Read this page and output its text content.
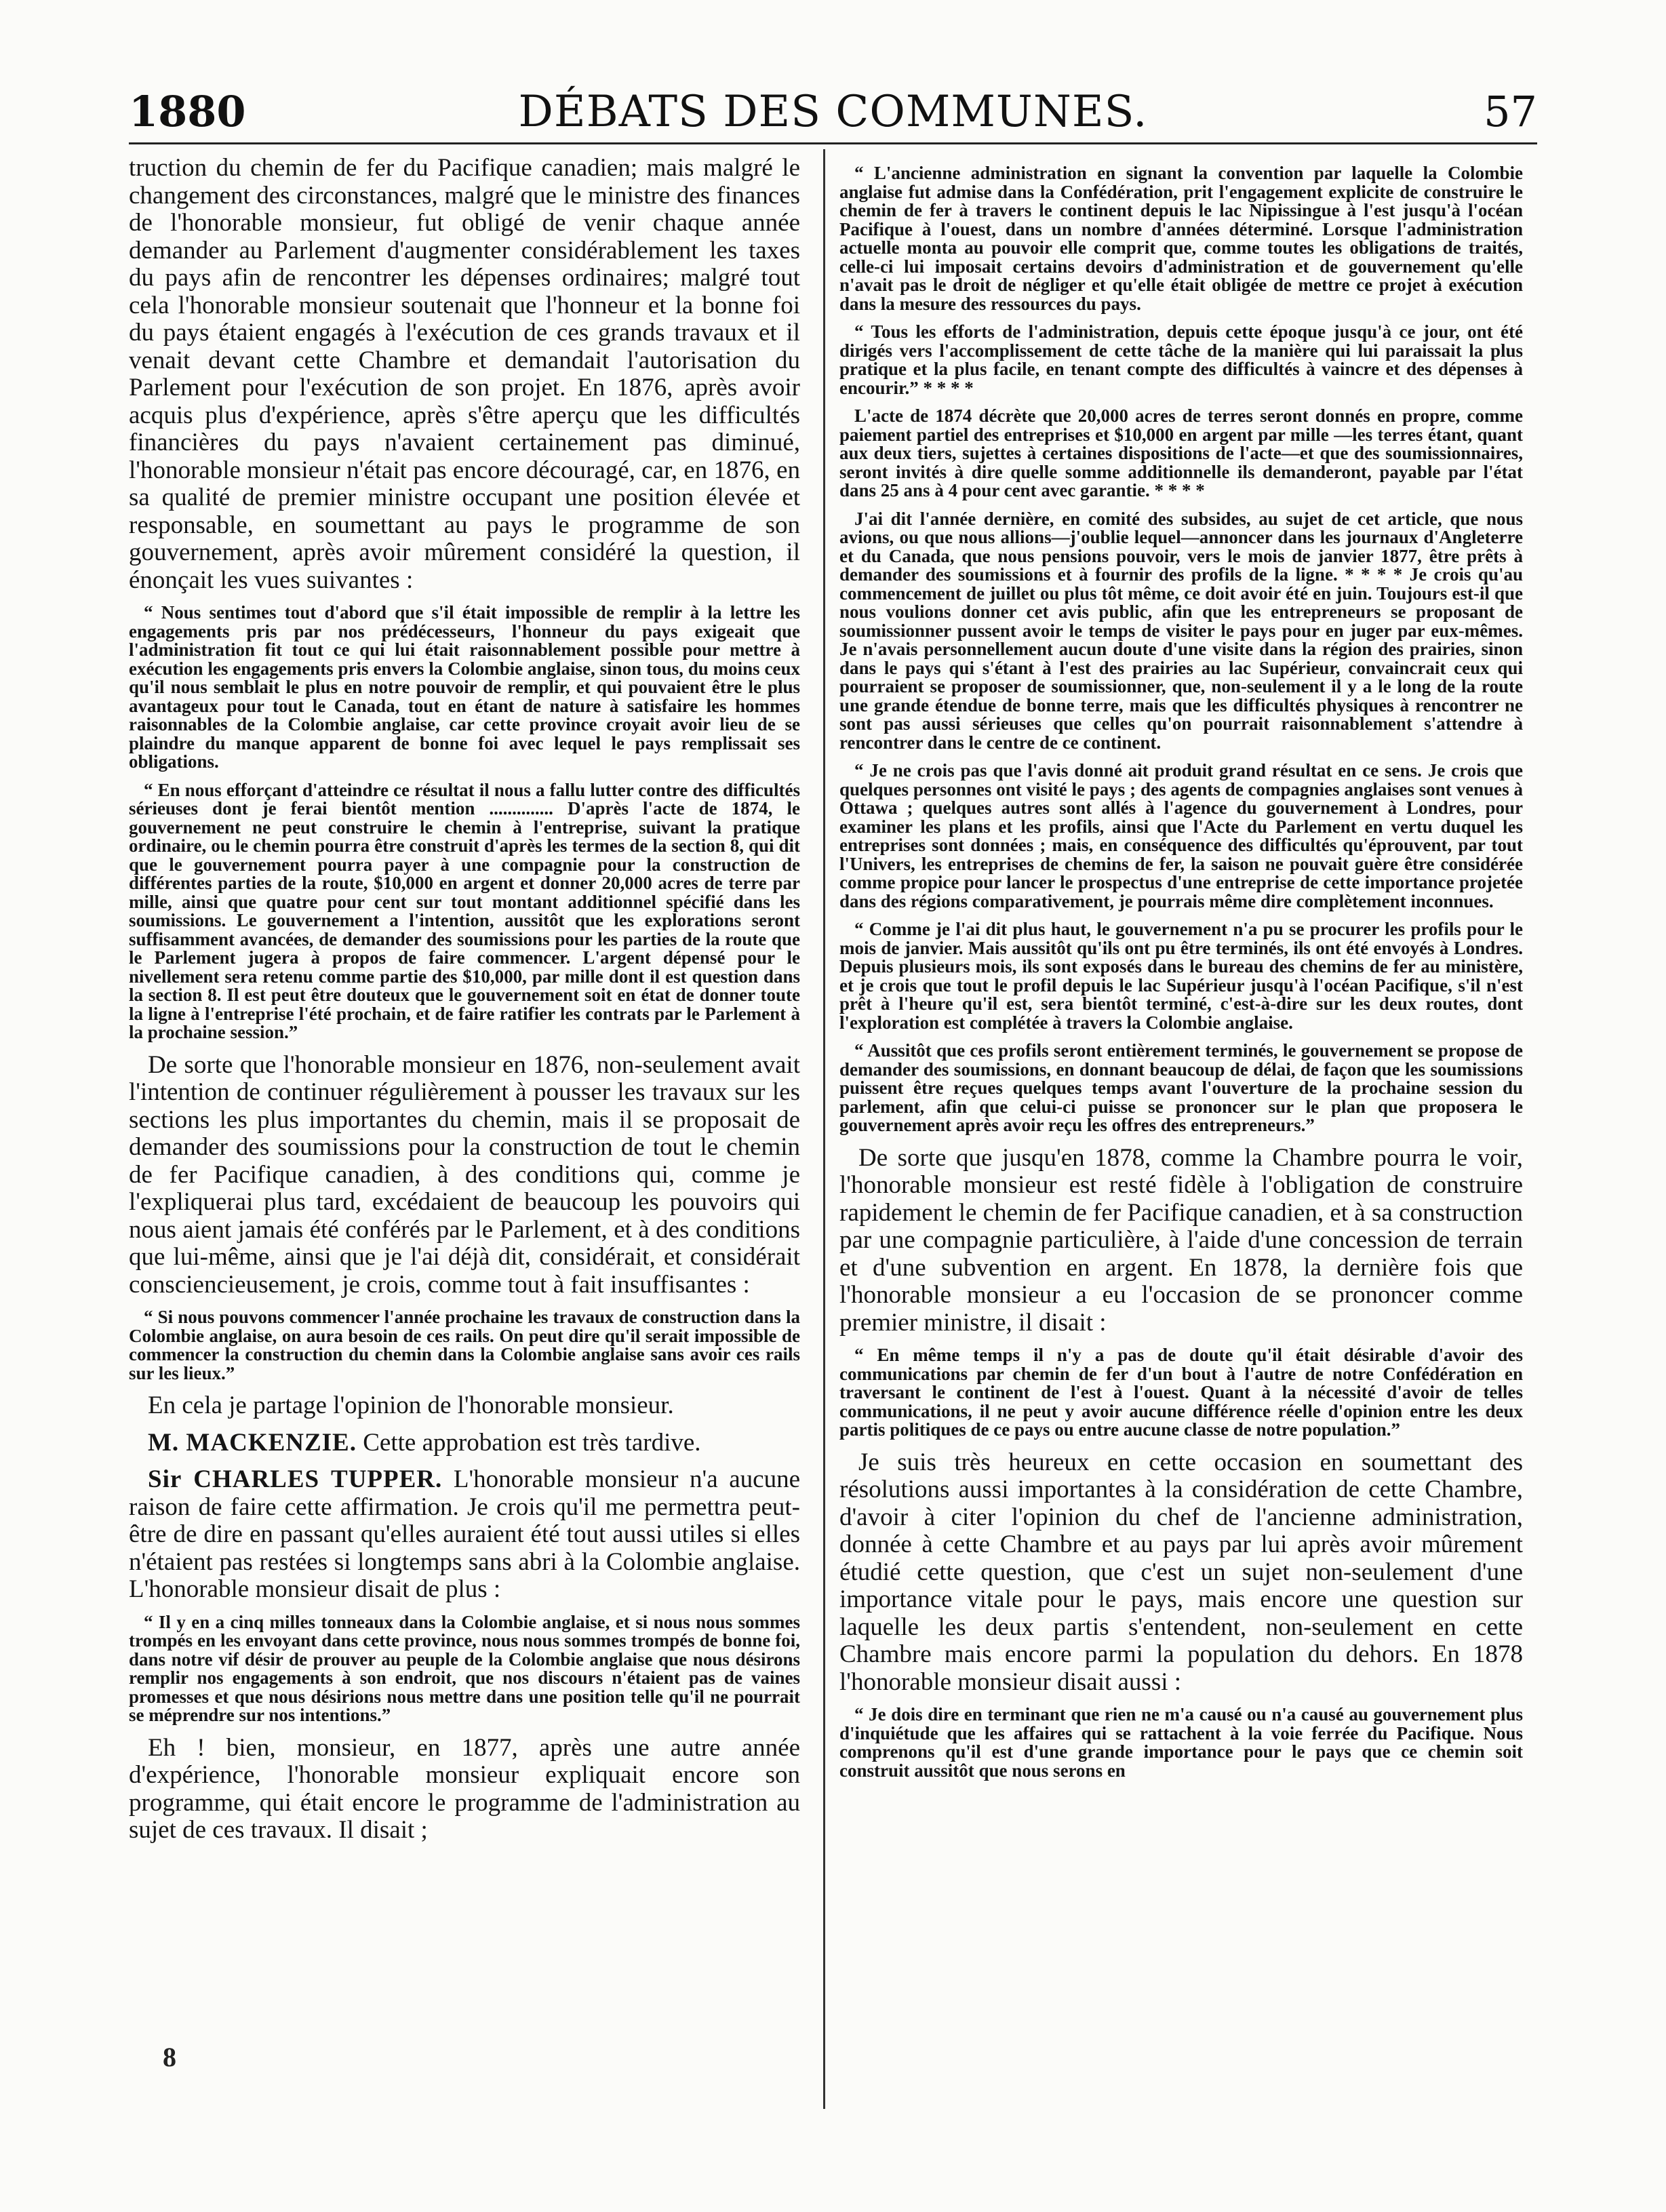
1880	DÉBATS DES COMMUNES.	57

truction du chemin de fer du Pacifique canadien; mais malgré le changement des circonstances, malgré que le ministre des finances de l'honorable monsieur, fut obligé de venir chaque année demander au Parlement d'augmenter considérablement les taxes du pays afin de rencontrer les dépenses ordinaires; malgré tout cela l'honorable monsieur soutenait que l'honneur et la bonne foi du pays étaient engagés à l'exécution de ces grands travaux et il venait devant cette Chambre et demandait l'autorisation du Parlement pour l'exécution de son projet. En 1876, après avoir acquis plus d'expérience, après s'être aperçu que les difficultés financières du pays n'avaient certainement pas diminué, l'honorable monsieur n'était pas encore découragé, car, en 1876, en sa qualité de premier ministre occupant une position élevée et responsable, en soumettant au pays le programme de son gouvernement, après avoir mûrement considéré la question, il énonçait les vues suivantes :

“ Nous sentimes tout d'abord que s'il était impossible de remplir à la lettre les engagements pris par nos prédécesseurs, l'honneur du pays exigeait que l'administration fit tout ce qui lui était raisonnablement possible pour mettre à exécution les engagements pris envers la Colombie anglaise, sinon tous, du moins ceux qu'il nous semblait le plus en notre pouvoir de remplir, et qui pouvaient être le plus avantageux pour tout le Canada, tout en étant de nature à satisfaire les hommes raisonnables de la Colombie anglaise, car cette province croyait avoir lieu de se plaindre du manque apparent de bonne foi avec lequel le pays remplissait ses obligations.

“ En nous efforçant d'atteindre ce résultat il nous a fallu lutter contre des difficultés sérieuses dont je ferai bientôt mention .............. D'après l'acte de 1874, le gouvernement ne peut construire le chemin à l'entreprise, suivant la pratique ordinaire, ou le chemin pourra être construit d'après les termes de la section 8, qui dit que le gouvernement pourra payer à une compagnie pour la construction de différentes parties de la route, $10,000 en argent et donner 20,000 acres de terre par mille, ainsi que quatre pour cent sur tout montant additionnel spécifié dans les soumissions. Le gouvernement a l'intention, aussitôt que les explorations seront suffisamment avancées, de demander des soumissions pour les parties de la route que le Parlement jugera à propos de faire commencer. L'argent dépensé pour le nivellement sera retenu comme partie des $10,000, par mille dont il est question dans la section 8. Il est peut être douteux que le gouvernement soit en état de donner toute la ligne à l'entreprise l'été prochain, et de faire ratifier les contrats par le Parlement à la prochaine session.”

De sorte que l'honorable monsieur en 1876, non-seulement avait l'intention de continuer régulièrement à pousser les travaux sur les sections les plus importantes du chemin, mais il se proposait de demander des soumissions pour la construction de tout le chemin de fer Pacifique canadien, à des conditions qui, comme je l'expliquerai plus tard, excédaient de beaucoup les pouvoirs qui nous aient jamais été conférés par le Parlement, et à des conditions que lui-même, ainsi que je l'ai déjà dit, considérait, et considérait consciencieusement, je crois, comme tout à fait insuffisantes :

“ Si nous pouvons commencer l'année prochaine les travaux de construction dans la Colombie anglaise, on aura besoin de ces rails. On peut dire qu'il serait impossible de commencer la construction du chemin dans la Colombie anglaise sans avoir ces rails sur les lieux.”

En cela je partage l'opinion de l'honorable monsieur.

M. MACKENZIE. Cette approbation est très tardive.

Sir CHARLES TUPPER. L'honorable monsieur n'a aucune raison de faire cette affirmation. Je crois qu'il me permettra peut-être de dire en passant qu'elles auraient été tout aussi utiles si elles n'étaient pas restées si longtemps sans abri à la Colombie anglaise. L'honorable monsieur disait de plus :

“ Il y en a cinq milles tonneaux dans la Colombie anglaise, et si nous nous sommes trompés en les envoyant dans cette province, nous nous sommes trompés de bonne foi, dans notre vif désir de prouver au peuple de la Colombie anglaise que nous désirons remplir nos engagements à son endroit, que nos discours n'étaient pas de vaines promesses et que nous désirions nous mettre dans une position telle qu'il ne pourrait se méprendre sur nos intentions.”

Eh ! bien, monsieur, en 1877, après une autre année d'expérience, l'honorable monsieur expliquait encore son programme, qui était encore le programme de l'administration au sujet de ces travaux. Il disait ;

8

“ L'ancienne administration en signant la convention par laquelle la Colombie anglaise fut admise dans la Confédération, prit l'engagement explicite de construire le chemin de fer à travers le continent depuis le lac Nipissingue à l'est jusqu'à l'océan Pacifique à l'ouest, dans un nombre d'années déterminé. Lorsque l'administration actuelle monta au pouvoir elle comprit que, comme toutes les obligations de traités, celle-ci lui imposait certains devoirs d'administration et de gouvernement qu'elle n'avait pas le droit de négliger et qu'elle était obligée de mettre ce projet à exécution dans la mesure des ressources du pays.

“ Tous les efforts de l'administration, depuis cette époque jusqu'à ce jour, ont été dirigés vers l'accomplissement de cette tâche de la manière qui lui paraissait la plus pratique et la plus facile, en tenant compte des difficultés à vaincre et des dépenses à encourir.” * * * *

L'acte de 1874 décrète que 20,000 acres de terres seront donnés en propre, comme paiement partiel des entreprises et $10,000 en argent par mille —les terres étant, quant aux deux tiers, sujettes à certaines dispositions de l'acte—et que des soumissionnaires, seront invités à dire quelle somme additionnelle ils demanderont, payable par l'état dans 25 ans à 4 pour cent avec garantie. * * * *

J'ai dit l'année dernière, en comité des subsides, au sujet de cet article, que nous avions, ou que nous allions—j'oublie lequel—annoncer dans les journaux d'Angleterre et du Canada, que nous pensions pouvoir, vers le mois de janvier 1877, être prêts à demander des soumissions et à fournir des profils de la ligne. * * * * Je crois qu'au commencement de juillet ou plus tôt même, ce doit avoir été en juin. Toujours est-il que nous voulions donner cet avis public, afin que les entrepreneurs se proposant de soumissionner pussent avoir le temps de visiter le pays pour en juger par eux-mêmes. Je n'avais personnellement aucun doute d'une visite dans la région des prairies, sinon dans le pays qui s'étant à l'est des prairies au lac Supérieur, convaincrait ceux qui pourraient se proposer de soumissionner, que, non-seulement il y a le long de la route une grande étendue de bonne terre, mais que les difficultés physiques à rencontrer ne sont pas aussi sérieuses que celles qu'on pourrait raisonnablement s'attendre à rencontrer dans le centre de ce continent.

“ Je ne crois pas que l'avis donné ait produit grand résultat en ce sens. Je crois que quelques personnes ont visité le pays ; des agents de compagnies anglaises sont venues à Ottawa ; quelques autres sont allés à l'agence du gouvernement à Londres, pour examiner les plans et les profils, ainsi que l'Acte du Parlement en vertu duquel les entreprises sont données ; mais, en conséquence des difficultés qu'éprouvent, par tout l'Univers, les entreprises de chemins de fer, la saison ne pouvait guère être considérée comme propice pour lancer le prospectus d'une entreprise de cette importance projetée dans des régions comparativement, je pourrais même dire complètement inconnues.

“ Comme je l'ai dit plus haut, le gouvernement n'a pu se procurer les profils pour le mois de janvier. Mais aussitôt qu'ils ont pu être terminés, ils ont été envoyés à Londres. Depuis plusieurs mois, ils sont exposés dans le bureau des chemins de fer au ministère, et je crois que tout le profil depuis le lac Supérieur jusqu'à l'océan Pacifique, s'il n'est prêt à l'heure qu'il est, sera bientôt terminé, c'est-à-dire sur les deux routes, dont l'exploration est complétée à travers la Colombie anglaise.

“ Aussitôt que ces profils seront entièrement terminés, le gouvernement se propose de demander des soumissions, en donnant beaucoup de délai, de façon que les soumissions puissent être reçues quelques temps avant l'ouverture de la prochaine session du parlement, afin que celui-ci puisse se prononcer sur le plan que proposera le gouvernement après avoir reçu les offres des entrepreneurs.”

De sorte que jusqu'en 1878, comme la Chambre pourra le voir, l'honorable monsieur est resté fidèle à l'obligation de construire rapidement le chemin de fer Pacifique canadien, et à sa construction par une compagnie particulière, à l'aide d'une concession de terrain et d'une subvention en argent. En 1878, la dernière fois que l'honorable monsieur a eu l'occasion de se prononcer comme premier ministre, il disait :

“ En même temps il n'y a pas de doute qu'il était désirable d'avoir des communications par chemin de fer d'un bout à l'autre de notre Confédération en traversant le continent de l'est à l'ouest. Quant à la nécessité d'avoir de telles communications, il ne peut y avoir aucune différence réelle d'opinion entre les deux partis politiques de ce pays ou entre aucune classe de notre population.”

Je suis très heureux en cette occasion en soumettant des résolutions aussi importantes à la considération de cette Chambre, d'avoir à citer l'opinion du chef de l'ancienne administration, donnée à cette Chambre et au pays par lui après avoir mûrement étudié cette question, que c'est un sujet non-seulement d'une importance vitale pour le pays, mais encore une question sur laquelle les deux partis s'entendent, non-seulement en cette Chambre mais encore parmi la population du dehors. En 1878 l'honorable monsieur disait aussi :

“ Je dois dire en terminant que rien ne m'a causé ou n'a causé au gouvernement plus d'inquiétude que les affaires qui se rattachent à la voie ferrée du Pacifique. Nous comprenons qu'il est d'une grande importance pour le pays que ce chemin soit construit aussitôt que nous serons en
